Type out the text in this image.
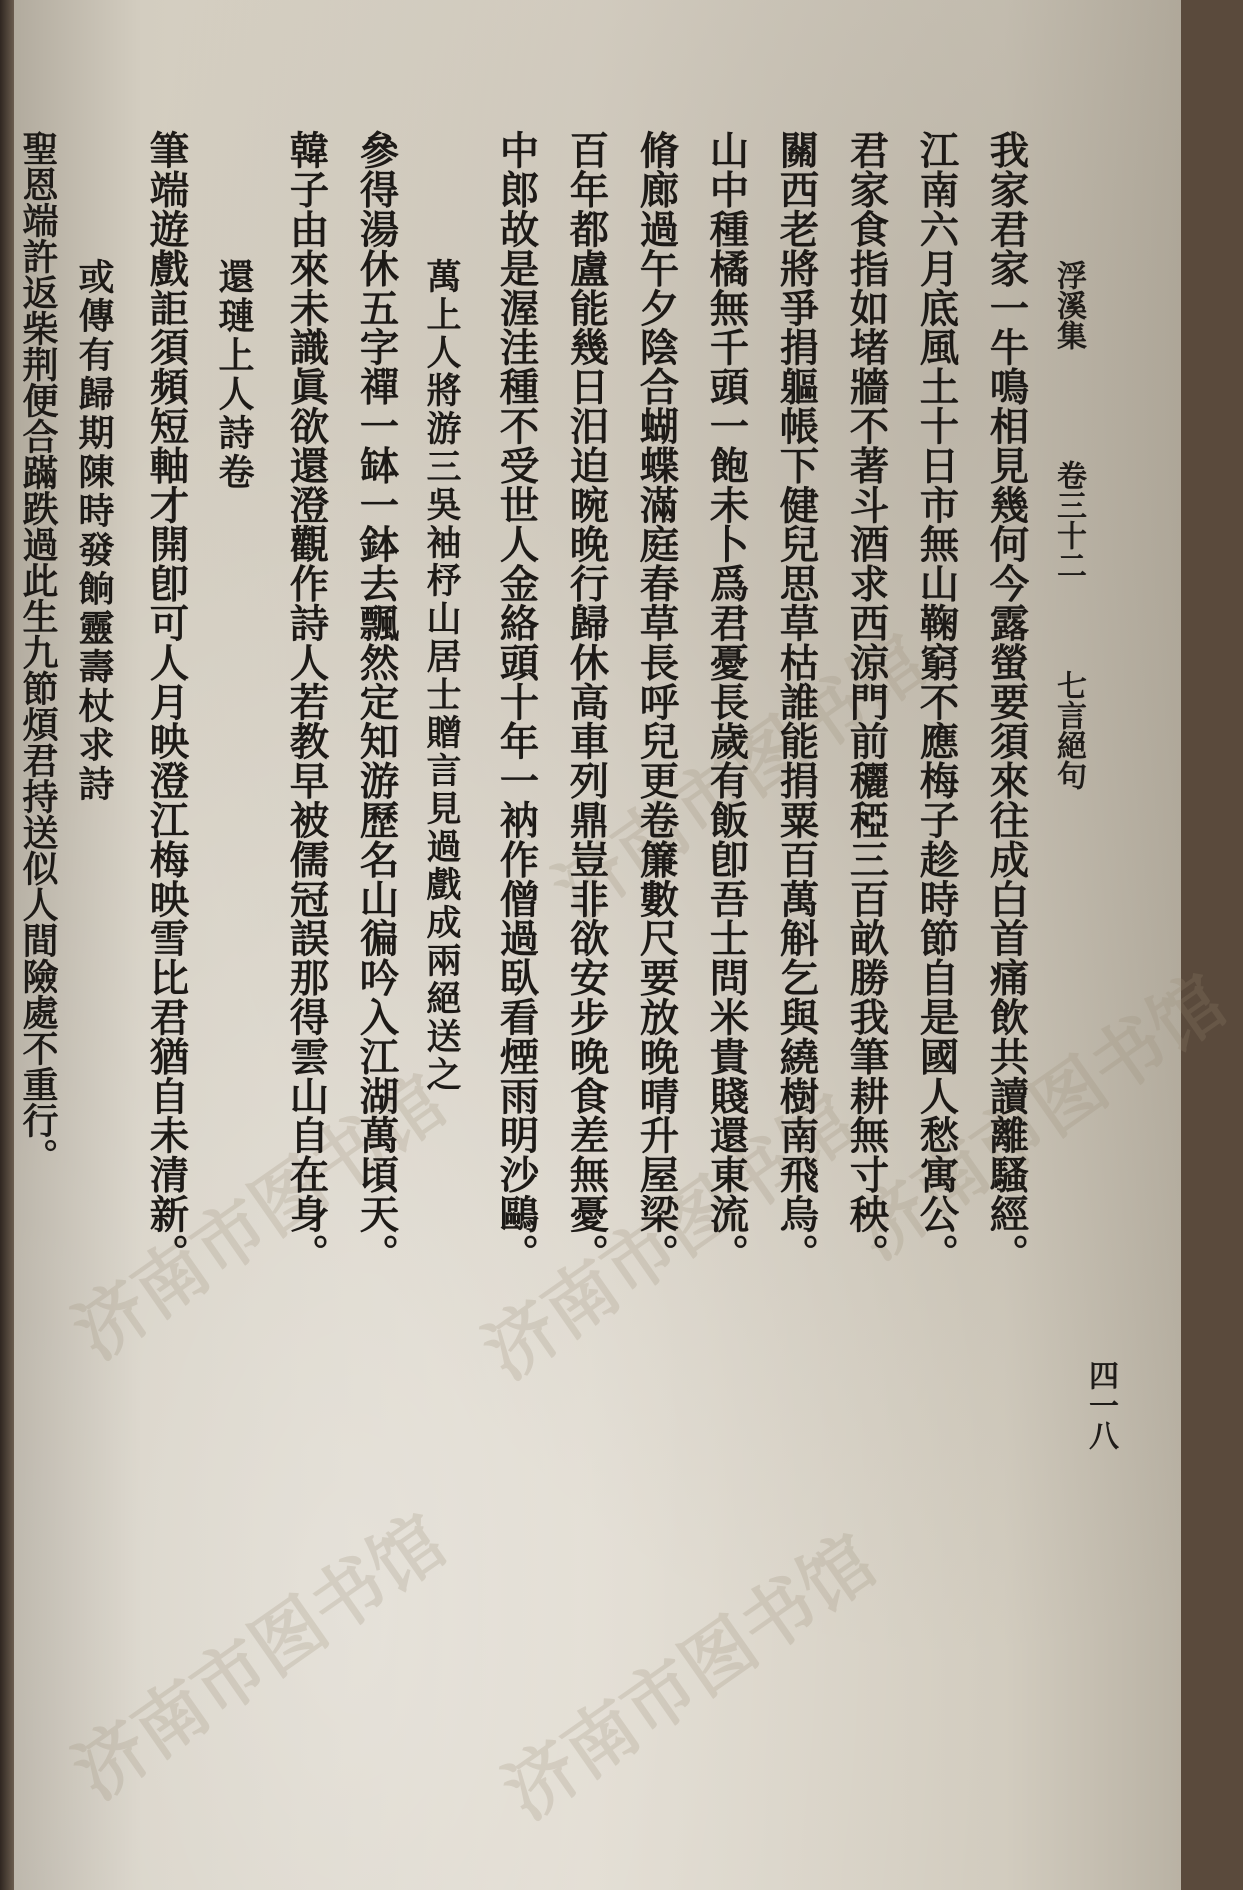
济南市图书馆 济南市图书馆
济南市图书馆
济南市图书馆 济南市图书馆
济南市图书馆
浮溪集  卷三十二  七言絕句
我家君家一牛鳴相見幾何今露螢要須來往成白首痛飲共讀離騷經。
江南六月底風土十日市無山鞠窮不應梅子趁時節自是國人愁寓公。
君家食指如堵牆不著斗酒求西涼門前穲稏三百畝勝我筆耕無寸秧。
關西老將爭捐軀帳下健兒思草枯誰能捐粟百萬斛乞與繞樹南飛烏。
山中種橘無千頭一飽未卜爲君憂長歲有飯卽吾士問米貴賤還東流。
脩廊過午夕陰合蝴蝶滿庭春草長呼兒更卷簾數尺要放晚晴升屋梁。
百年都盧能幾日汨迫晼晚行歸休高車列鼎豈非欲安步晚食差無憂。
中郎故是渥洼種不受世人金絡頭十年一衲作僧過臥看煙雨明沙鷗。
萬上人將游三吳袖杼山居士贈言見過戲成兩絕送之
參得湯休五字禪一缽一鉢去飄然定知游歷名山徧吟入江湖萬頃天。
韓子由來未識眞欲還澄觀作詩人若教早被儒冠誤那得雲山自在身。
還璉上人詩卷
筆端遊戲詎須頻短軸才開卽可人月映澄江梅映雪比君猶自未清新。
或傳有歸期陳時發餉靈壽杖求詩
聖恩端許返柴荆便合蹣跌過此生九節煩君持送似人間險處不重行。
四一八
